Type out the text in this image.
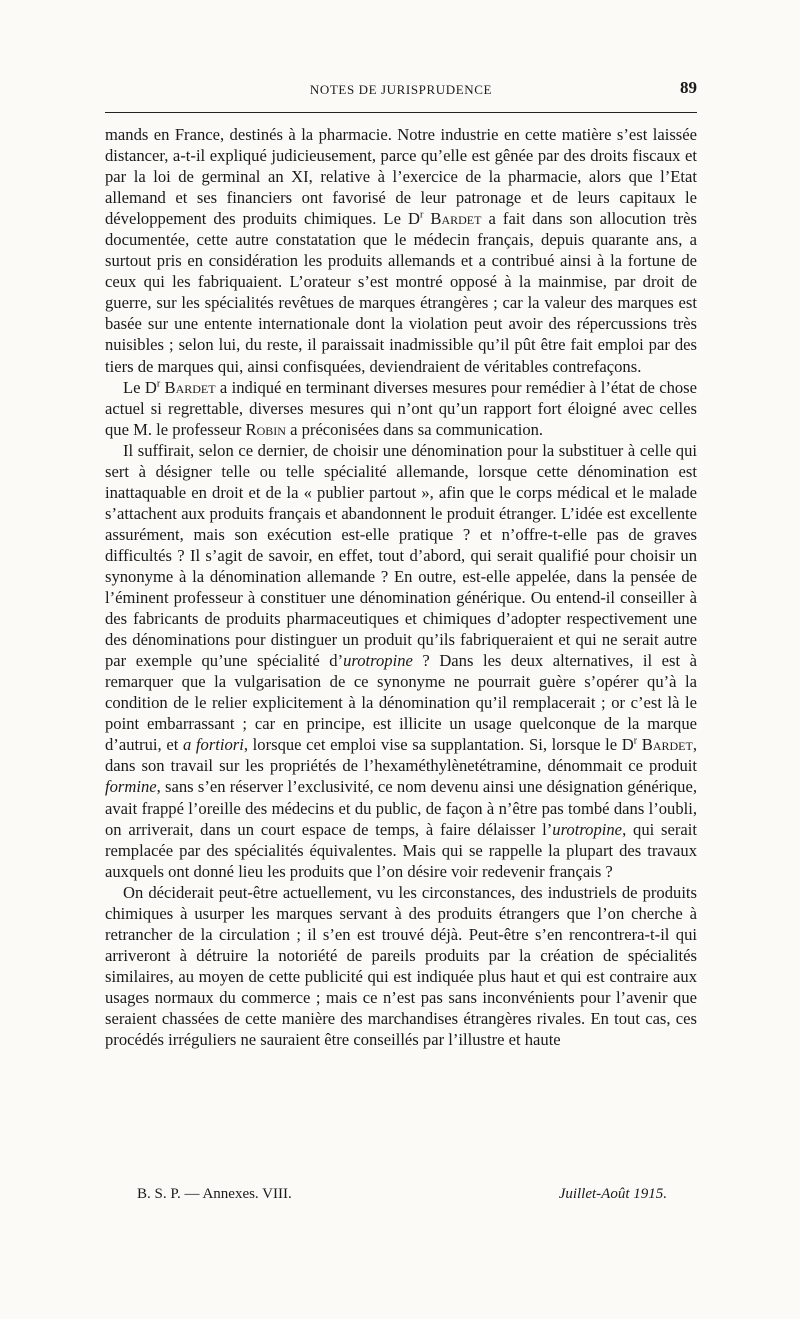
NOTES DE JURISPRUDENCE	89

mands en France, destinés à la pharmacie. Notre industrie en cette matière s’est laissée distancer, a-t-il expliqué judicieusement, parce qu’elle est gênée par des droits fiscaux et par la loi de germinal an XI, relative à l’exercice de la pharmacie, alors que l’Etat allemand et ses financiers ont favorisé de leur patronage et de leurs capitaux le développement des produits chimiques. Le $D^r$ Bardet a fait dans son allocution très documentée, cette autre constatation que le médecin français, depuis quarante ans, a surtout pris en considération les produits allemands et a contribué ainsi à la fortune de ceux qui les fabriquaient. L’orateur s’est montré opposé à la mainmise, par droit de guerre, sur les spécialités revêtues de marques étrangères ; car la valeur des marques est basée sur une entente internationale dont la violation peut avoir des répercussions très nuisibles ; selon lui, du reste, il paraissait inadmissible qu’il pût être fait emploi par des tiers de marques qui, ainsi confisquées, deviendraient de véritables contrefaçons.

Le $D^r$ Bardet a indiqué en terminant diverses mesures pour remédier à l’état de chose actuel si regrettable, diverses mesures qui n’ont qu’un rapport fort éloigné avec celles que M. le professeur Robin a préconisées dans sa communication.

Il suffirait, selon ce dernier, de choisir une dénomination pour la substituer à celle qui sert à désigner telle ou telle spécialité allemande, lorsque cette dénomination est inattaquable en droit et de la « publier partout », afin que le corps médical et le malade s’attachent aux produits français et abandonnent le produit étranger. L’idée est excellente assurément, mais son exécution est-elle pratique ? et n’offre-t-elle pas de graves difficultés ? Il s’agit de savoir, en effet, tout d’abord, qui serait qualifié pour choisir un synonyme à la dénomination allemande ? En outre, est-elle appelée, dans la pensée de l’éminent professeur à constituer une dénomination générique. Ou entend-il conseiller à des fabricants de produits pharmaceutiques et chimiques d’adopter respectivement une des dénominations pour distinguer un produit qu’ils fabriqueraient et qui ne serait autre par exemple qu’une spécialité d’urotropine ? Dans les deux alternatives, il est à remarquer que la vulgarisation de ce synonyme ne pourrait guère s’opérer qu’à la condition de le relier explicitement à la dénomination qu’il remplacerait ; or c’est là le point embarrassant ; car en principe, est illicite un usage quelconque de la marque d’autrui, et a fortiori, lorsque cet emploi vise sa supplantation. Si, lorsque le $D^r$ Bardet, dans son travail sur les propriétés de l’hexaméthylènetétramine, dénommait ce produit formine, sans s’en réserver l’exclusivité, ce nom devenu ainsi une désignation générique, avait frappé l’oreille des médecins et du public, de façon à n’être pas tombé dans l’oubli, on arriverait, dans un court espace de temps, à faire délaisser l’urotropine, qui serait remplacée par des spécialités équivalentes. Mais qui se rappelle la plupart des travaux auxquels ont donné lieu les produits que l’on désire voir redevenir français ?

On déciderait peut-être actuellement, vu les circonstances, des industriels de produits chimiques à usurper les marques servant à des produits étrangers que l’on cherche à retrancher de la circulation ; il s’en est trouvé déjà. Peut-être s’en rencontrera-t-il qui arriveront à détruire la notoriété de pareils produits par la création de spécialités similaires, au moyen de cette publicité qui est indiquée plus haut et qui est contraire aux usages normaux du commerce ; mais ce n’est pas sans inconvénients pour l’avenir que seraient chassées de cette manière des marchandises étrangères rivales. En tout cas, ces procédés irréguliers ne sauraient être conseillés par l’illustre et haute

B. S. P. — Annexes. VIII.	Juillet-Août 1915.
